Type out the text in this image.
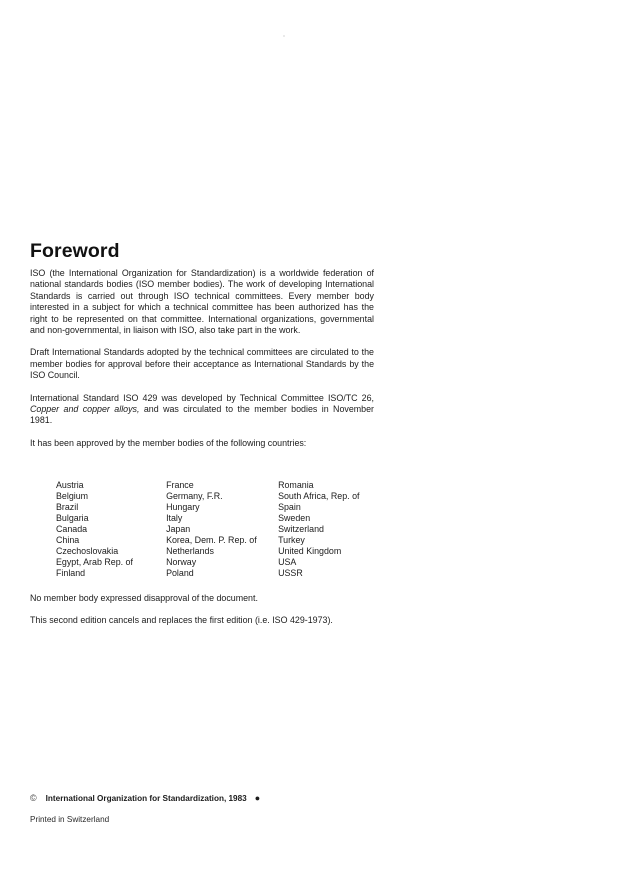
Foreword

ISO (the International Organization for Standardization) is a worldwide federation of national standards bodies (ISO member bodies). The work of developing International Standards is carried out through ISO technical committees. Every member body interested in a subject for which a technical committee has been authorized has the right to be represented on that committee. International organizations, governmental and non-governmental, in liaison with ISO, also take part in the work.

Draft International Standards adopted by the technical committees are circulated to the member bodies for approval before their acceptance as International Standards by the ISO Council.

International Standard ISO 429 was developed by Technical Committee ISO/TC 26, Copper and copper alloys, and was circulated to the member bodies in November 1981.

It has been approved by the member bodies of the following countries:

Austria
Belgium
Brazil
Bulgaria
Canada
China
Czechoslovakia
Egypt, Arab Rep. of
Finland
France
Germany, F.R.
Hungary
Italy
Japan
Korea, Dem. P. Rep. of
Netherlands
Norway
Poland
Romania
South Africa, Rep. of
Spain
Sweden
Switzerland
Turkey
United Kingdom
USA
USSR

No member body expressed disapproval of the document.

This second edition cancels and replaces the first edition (i.e. ISO 429-1973).

© International Organization for Standardization, 1983 ●
Printed in Switzerland
